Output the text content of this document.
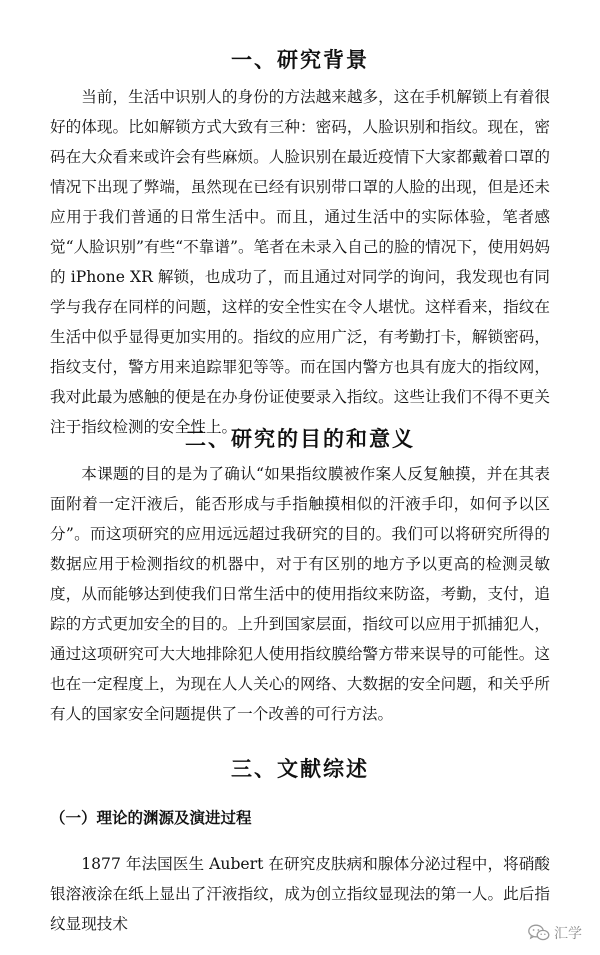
一、研究背景

当前，生活中识别人的身份的方法越来越多，这在手机解锁上有着很好的体现。比如解锁方式大致有三种：密码，人脸识别和指纹。现在，密码在大众看来或许会有些麻烦。人脸识别在最近疫情下大家都戴着口罩的情况下出现了弊端，虽然现在已经有识别带口罩的人脸的出现，但是还未应用于我们普通的日常生活中。而且，通过生活中的实际体验，笔者感觉“人脸识别”有些“不靠谱”。笔者在未录入自己的脸的情况下，使用妈妈的 iPhone XR 解锁，也成功了，而且通过对同学的询问，我发现也有同学与我存在同样的问题，这样的安全性实在令人堪忧。这样看来，指纹在生活中似乎显得更加实用的。指纹的应用广泛，有考勤打卡，解锁密码，指纹支付，警方用来追踪罪犯等等。而在国内警方也具有庞大的指纹网，我对此最为感触的便是在办身份证使要录入指纹。这些让我们不得不更关注于指纹检测的安全性上。

二、研究的目的和意义

本课题的目的是为了确认“如果指纹膜被作案人反复触摸，并在其表面附着一定汗液后，能否形成与手指触摸相似的汗液手印，如何予以区分”。而这项研究的应用远远超过我研究的目的。我们可以将研究所得的数据应用于检测指纹的机器中，对于有区别的地方予以更高的检测灵敏度，从而能够达到使我们日常生活中的使用指纹来防盗，考勤，支付，追踪的方式更加安全的目的。上升到国家层面，指纹可以应用于抓捕犯人，通过这项研究可大大地排除犯人使用指纹膜给警方带来误导的可能性。这也在一定程度上，为现在人人关心的网络、大数据的安全问题，和关乎所有人的国家安全问题提供了一个改善的可行方法。

三、文献综述
（一）理论的渊源及演进过程

1877 年法国医生 Aubert 在研究皮肤病和腺体分泌过程中，将硝酸银溶液涂在纸上显出了汗液指纹，成为创立指纹显现法的第一人。此后指纹显现技术

汇学
